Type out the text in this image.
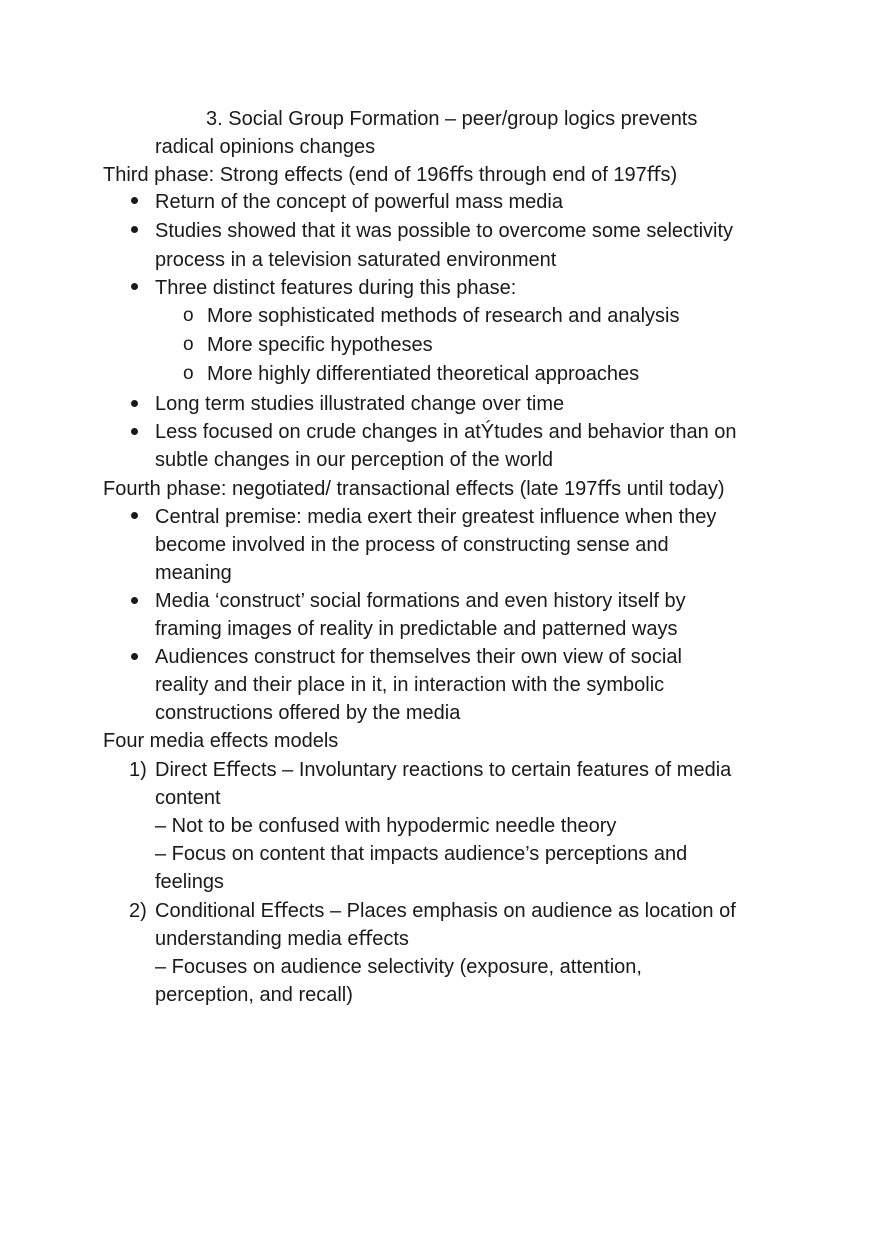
3. Social Group Formation – peer/group logics prevents
radical opinions changes
Third phase: Strong effects (end of 196ﬀs through end of 197ﬀs)
Return of the concept of powerful mass media
Studies showed that it was possible to overcome some selectivity
process in a television saturated environment
Three distinct features during this phase:
o More sophisticated methods of research and analysis
o More specific hypotheses
o More highly differentiated theoretical approaches
Long term studies illustrated change over time
Less focused on crude changes in atÝtudes and behavior than on
subtle changes in our perception of the world
Fourth phase: negotiated/ transactional effects (late 197ﬀs until today)
Central premise: media exert their greatest influence when they
become involved in the process of constructing sense and
meaning
Media ‘construct’ social formations and even history itself by
framing images of reality in predictable and patterned ways
Audiences construct for themselves their own view of social
reality and their place in it, in interaction with the symbolic
constructions offered by the media
Four media effects models
1) Direct Eﬀects – Involuntary reactions to certain features of media
content
– Not to be confused with hypodermic needle theory
– Focus on content that impacts audience’s perceptions and
feelings
2) Conditional Eﬀects – Places emphasis on audience as location of
understanding media eﬀects
– Focuses on audience selectivity (exposure, attention,
perception, and recall)
